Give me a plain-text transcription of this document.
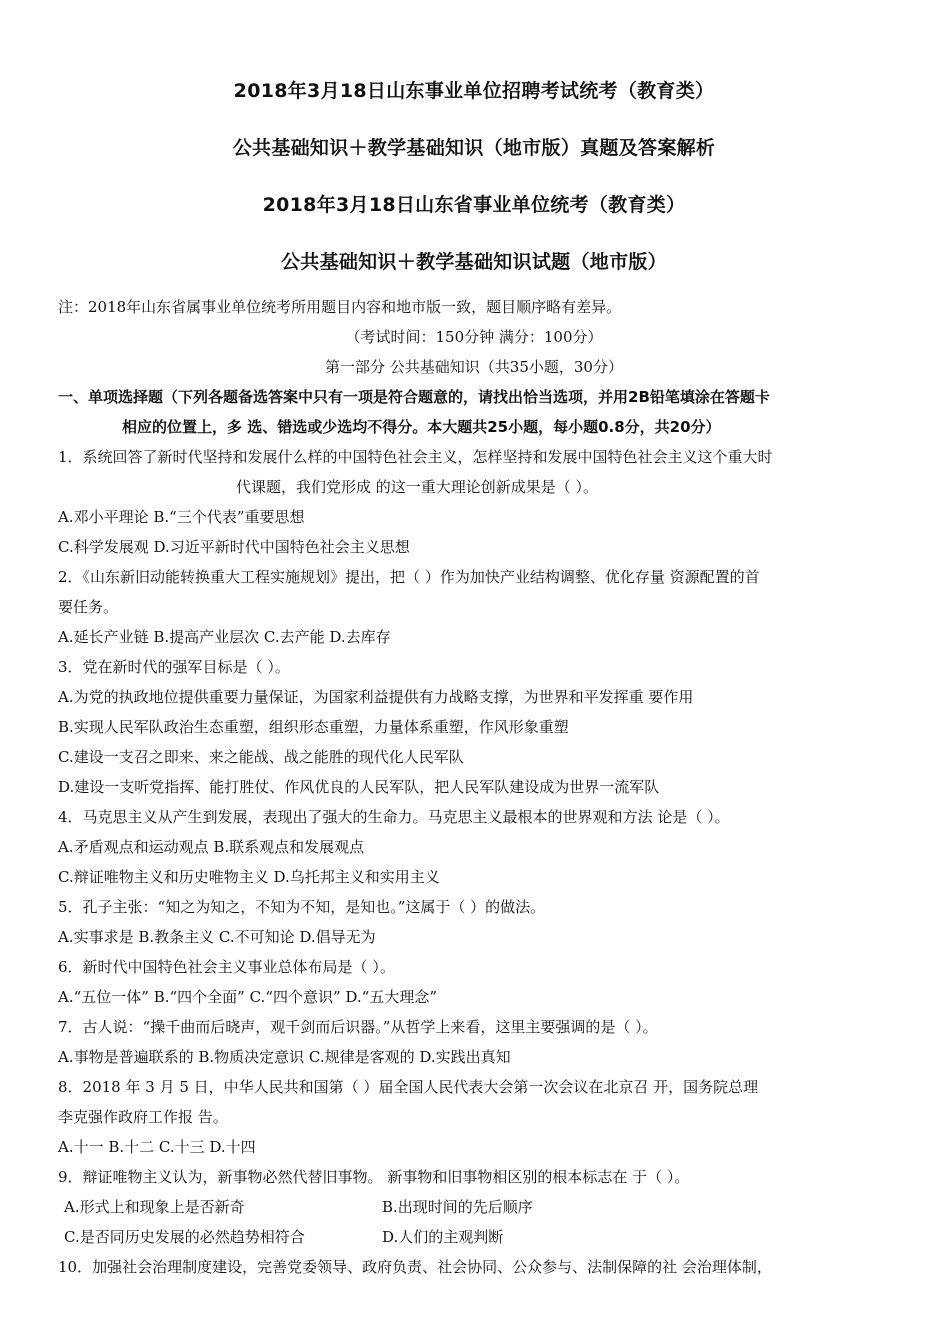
2018年3月18日山东事业单位招聘考试统考（教育类）

公共基础知识＋教学基础知识（地市版）真题及答案解析

2018年3月18日山东省事业单位统考（教育类）

公共基础知识＋教学基础知识试题（地市版）

注：2018年山东省属事业单位统考所用题目内容和地市版一致，题目顺序略有差异。

（考试时间：150分钟 满分：100分）

第一部分 公共基础知识（共35小题，30分）

一、单项选择题（下列各题备选答案中只有一项是符合题意的，请找出恰当选项，并用2B铅笔填涂在答题卡

相应的位置上，多 选、错选或少选均不得分。本大题共25小题，每小题0.8分，共20分）

1．系统回答了新时代坚持和发展什么样的中国特色社会主义，怎样坚持和发展中国特色社会主义这个重大时

代课题，我们党形成 的这一重大理论创新成果是（ ）。

A.邓小平理论 B.“三个代表”重要思想

C.科学发展观 D.习近平新时代中国特色社会主义思想

2．《山东新旧动能转换重大工程实施规划》提出，把（ ）作为加快产业结构调整、优化存量 资源配置的首

要任务。

A.延长产业链 B.提高产业层次 C.去产能 D.去库存

3．党在新时代的强军目标是（ ）。

A.为党的执政地位提供重要力量保证，为国家利益提供有力战略支撑，为世界和平发挥重 要作用

B.实现人民军队政治生态重塑，组织形态重塑，力量体系重塑，作风形象重塑

C.建设一支召之即来、来之能战、战之能胜的现代化人民军队

D.建设一支听党指挥、能打胜仗、作风优良的人民军队，把人民军队建设成为世界一流军队

4．马克思主义从产生到发展，表现出了强大的生命力。马克思主义最根本的世界观和方法 论是（ ）。

A.矛盾观点和运动观点 B.联系观点和发展观点

C.辩证唯物主义和历史唯物主义 D.乌托邦主义和实用主义

5．孔子主张：“知之为知之，不知为不知，是知也。”这属于（ ）的做法。

A.实事求是 B.教条主义 C.不可知论 D.倡导无为

6．新时代中国特色社会主义事业总体布局是（ ）。

A.“五位一体” B.“四个全面” C.“四个意识” D.“五大理念”

7．古人说：“操千曲而后晓声，观千剑而后识器。”从哲学上来看，这里主要强调的是（ ）。

A.事物是普遍联系的 B.物质决定意识 C.规律是客观的 D.实践出真知

8．2018 年 3 月 5 日，中华人民共和国第（ ）届全国人民代表大会第一次会议在北京召 开，国务院总理

李克强作政府工作报 告。

A.十一 B.十二 C.十三 D.十四

9．辩证唯物主义认为，新事物必然代替旧事物。 新事物和旧事物相区别的根本标志在 于（ ）。

A.形式上和现象上是否新奇	B.出现时间的先后顺序
C.是否同历史发展的必然趋势相符合	D.人们的主观判断

10．加强社会治理制度建设，完善党委领导、政府负责、社会协同、公众参与、法制保障的社 会治理体制，
